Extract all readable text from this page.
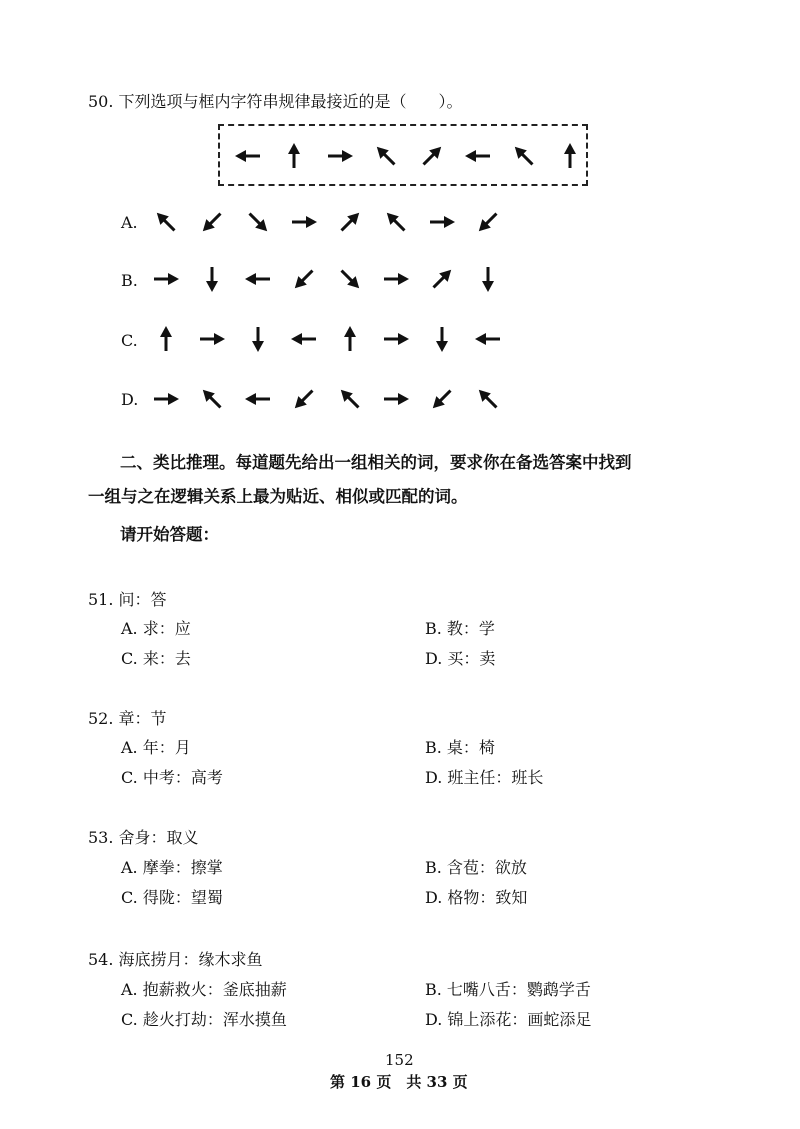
50. 下列选项与框内字符串规律最接近的是（　　）。
A.
B.
C.
D.
二、类比推理。每道题先给出一组相关的词，要求你在备选答案中找到
一组与之在逻辑关系上最为贴近、相似或匹配的词。
请开始答题：
51. 问：答
A. 求：应	B. 教：学
C. 来：去	D. 买：卖
52. 章：节
A. 年：月	B. 桌：椅
C. 中考：高考	D. 班主任：班长
53. 舍身：取义
A. 摩拳：擦掌	B. 含苞：欲放
C. 得陇：望蜀	D. 格物：致知
54. 海底捞月：缘木求鱼
A. 抱薪救火：釜底抽薪	B. 七嘴八舌：鹦鹉学舌
C. 趁火打劫：浑水摸鱼	D. 锦上添花：画蛇添足
152
第 16 页　共 33 页
